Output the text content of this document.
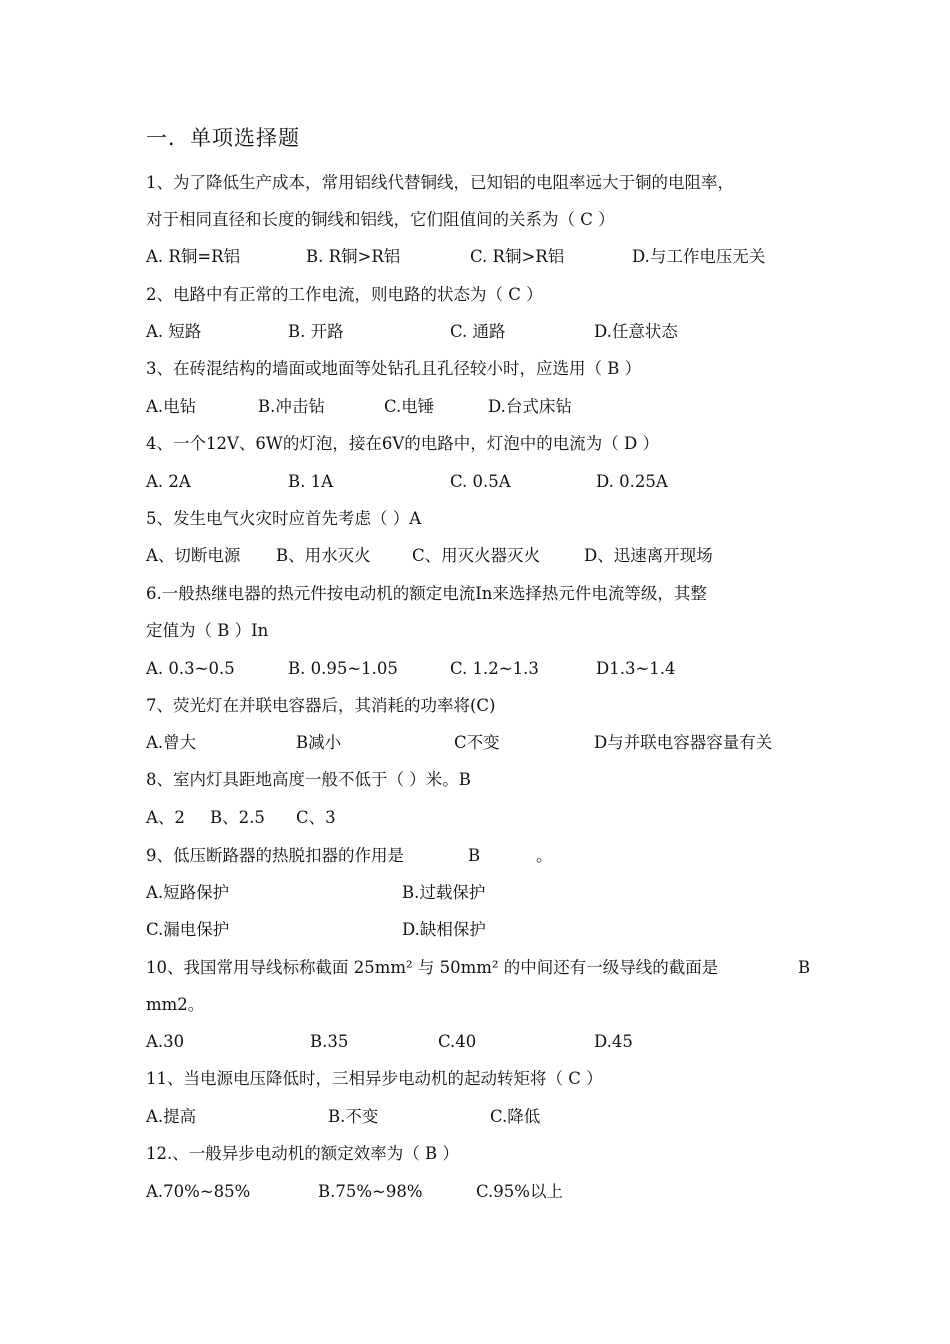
一．单项选择题
1、为了降低生产成本，常用铝线代替铜线，已知铝的电阻率远大于铜的电阻率，
对于相同直径和长度的铜线和铝线，它们阻值间的关系为（ C ）
A. R铜=R铝	B. R铜>R铝	C. R铜>R铝	D.与工作电压无关
2、电路中有正常的工作电流，则电路的状态为（ C ）
A. 短路	B. 开路	C. 通路	D.任意状态
3、在砖混结构的墙面或地面等处钻孔且孔径较小时，应选用（ B ）
A.电钻	B.冲击钻	C.电锤	D.台式床钻
4、一个12V、6W的灯泡，接在6V的电路中，灯泡中的电流为（ D ）
A. 2A	B. 1A	C. 0.5A	D. 0.25A
5、发生电气火灾时应首先考虑（ ）A
A、切断电源 B、用水灭火	C、用灭火器灭火	D、迅速离开现场
6.一般热继电器的热元件按电动机的额定电流In来选择热元件电流等级，其整
定值为（ B ）In
A. 0.3~0.5	B. 0.95~1.05	C. 1.2~1.3	D1.3~1.4
7、荧光灯在并联电容器后，其消耗的功率将(C)
A.曾大	B减小	C不变	D与并联电容器容量有关
8、室内灯具距地高度一般不低于（ ）米。B
A、2 B、2.5 C、3
9、低压断路器的热脱扣器的作用是	B	。
A.短路保护	B.过载保护
C.漏电保护	D.缺相保护
10、我国常用导线标称截面 25mm² 与 50mm² 的中间还有一级导线的截面是	B
mm2。
A.30	B.35	C.40	D.45
11、当电源电压降低时，三相异步电动机的起动转矩将（ C ）
A.提高	B.不变	C.降低
12.、一般异步电动机的额定效率为（ B ）
A.70%~85%	B.75%~98%	C.95%以上
